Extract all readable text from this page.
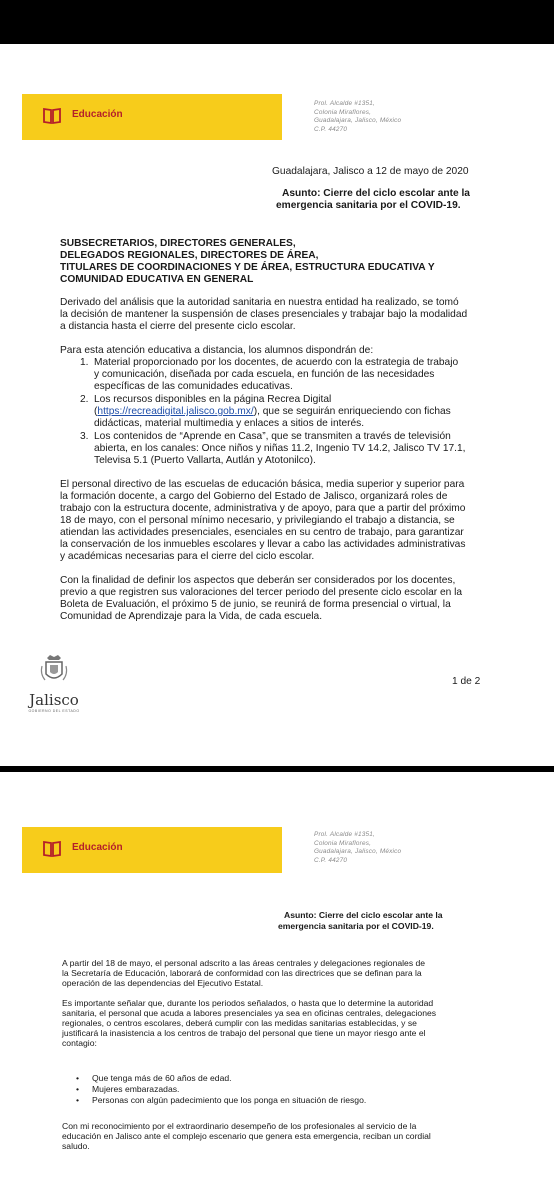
Educación
Prol. Alcalde #1351,
Colonia Miraflores,
Guadalajara, Jalisco, México
C.P. 44270
Guadalajara, Jalisco a 12 de mayo de 2020
Asunto: Cierre del ciclo escolar ante la
emergencia sanitaria por el COVID-19.
SUBSECRETARIOS, DIRECTORES GENERALES,
DELEGADOS REGIONALES, DIRECTORES DE ÁREA,
TITULARES DE COORDINACIONES Y DE ÁREA, ESTRUCTURA EDUCATIVA Y
COMUNIDAD EDUCATIVA EN GENERAL
Derivado del análisis que la autoridad sanitaria en nuestra entidad ha realizado, se tomó
la decisión de mantener la suspensión de clases presenciales y trabajar bajo la modalidad
a distancia hasta el cierre del presente ciclo escolar.
Para esta atención educativa a distancia, los alumnos dispondrán de:
1. Material proporcionado por los docentes, de acuerdo con la estrategia de trabajo
y comunicación, diseñada por cada escuela, en función de las necesidades
específicas de las comunidades educativas.
2. Los recursos disponibles en la página Recrea Digital
(https://recreadigital.jalisco.gob.mx/), que se seguirán enriqueciendo con fichas
didácticas, material multimedia y enlaces a sitios de interés.
3. Los contenidos de “Aprende en Casa”, que se transmiten a través de televisión
abierta, en los canales: Once niños y niñas 11.2, Ingenio TV 14.2, Jalisco TV 17.1,
Televisa 5.1 (Puerto Vallarta, Autlán y Atotonilco).
El personal directivo de las escuelas de educación básica, media superior y superior para
la formación docente, a cargo del Gobierno del Estado de Jalisco, organizará roles de
trabajo con la estructura docente, administrativa y de apoyo, para que a partir del próximo
18 de mayo, con el personal mínimo necesario, y privilegiando el trabajo a distancia, se
atiendan las actividades presenciales, esenciales en su centro de trabajo, para garantizar
la conservación de los inmuebles escolares y llevar a cabo las actividades administrativas
y académicas necesarias para el cierre del ciclo escolar.
Con la finalidad de definir los aspectos que deberán ser considerados por los docentes,
previo a que registren sus valoraciones del tercer periodo del presente ciclo escolar en la
Boleta de Evaluación, el próximo 5 de junio, se reunirá de forma presencial o virtual, la
Comunidad de Aprendizaje para la Vida, de cada escuela.
Jalisco
GOBIERNO DEL ESTADO
1 de 2
Educación
Prol. Alcalde #1351,
Colonia Miraflores,
Guadalajara, Jalisco, México
C.P. 44270
Asunto: Cierre del ciclo escolar ante la
emergencia sanitaria por el COVID-19.
A partir del 18 de mayo, el personal adscrito a las áreas centrales y delegaciones regionales de
la Secretaría de Educación, laborará de conformidad con las directrices que se definan para la
operación de las dependencias del Ejecutivo Estatal.
Es importante señalar que, durante los periodos señalados, o hasta que lo determine la autoridad
sanitaria, el personal que acuda a labores presenciales ya sea en oficinas centrales, delegaciones
regionales, o centros escolares, deberá cumplir con las medidas sanitarias establecidas, y se
justificará la inasistencia a los centros de trabajo del personal que tiene un mayor riesgo ante el
contagio:
• Que tenga más de 60 años de edad.
• Mujeres embarazadas.
• Personas con algún padecimiento que los ponga en situación de riesgo.
Con mi reconocimiento por el extraordinario desempeño de los profesionales al servicio de la
educación en Jalisco ante el complejo escenario que genera esta emergencia, reciban un cordial
saludo.
